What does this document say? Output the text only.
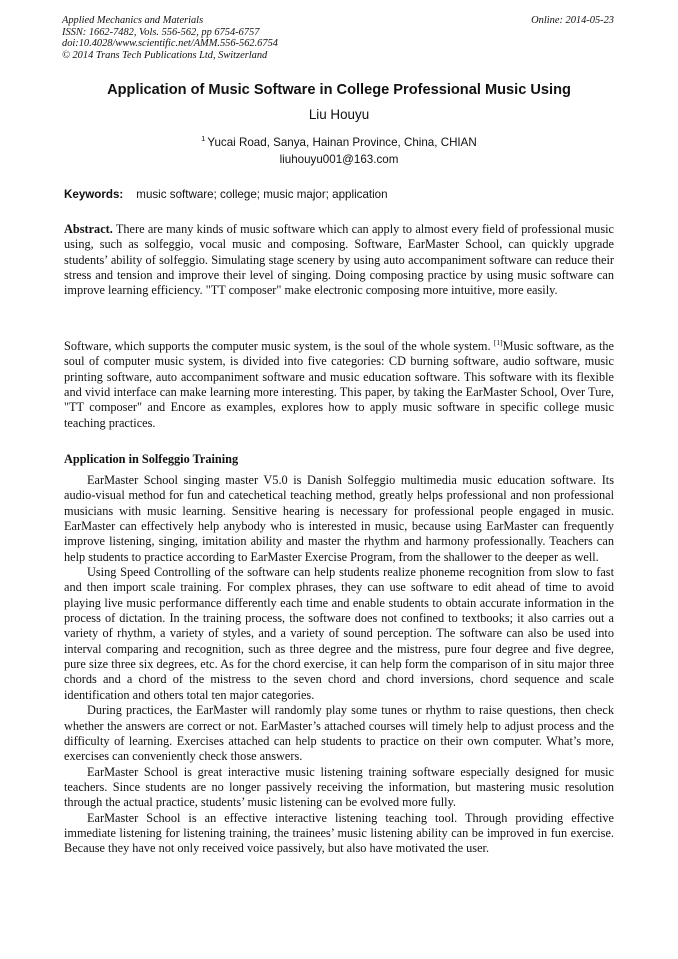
Applied Mechanics and Materials
ISSN: 1662-7482, Vols. 556-562, pp 6754-6757
doi:10.4028/www.scientific.net/AMM.556-562.6754
© 2014 Trans Tech Publications Ltd, Switzerland
Online: 2014-05-23
Application of Music Software in College Professional Music Using
Liu Houyu
$^1$ Yucai Road, Sanya, Hainan Province, China, CHIAN
liuhouyu001@163.com
Keywords: music software; college; music major; application

Abstract. There are many kinds of music software which can apply to almost every field of professional music using, such as solfeggio, vocal music and composing. Software, EarMaster School, can quickly upgrade students’ ability of solfeggio. Simulating stage scenery by using auto accompaniment software can reduce their stress and tension and improve their level of singing. Doing composing practice by using music software can improve learning efficiency. "TT composer" make electronic composing more intuitive, more easily.

Software, which supports the computer music system, is the soul of the whole system. [1]Music software, as the soul of computer music system, is divided into five categories: CD burning software, audio software, music printing software, auto accompaniment software and music education software. This software with its flexible and vivid interface can make learning more interesting. This paper, by taking the EarMaster School, Over Ture, "TT composer" and Encore as examples, explores how to apply music software in specific college music teaching practices.

Application in Solfeggio Training

EarMaster School singing master V5.0 is Danish Solfeggio multimedia music education software. Its audio-visual method for fun and catechetical teaching method, greatly helps professional and non professional musicians with music learning. Sensitive hearing is necessary for professional people engaged in music. EarMaster can effectively help anybody who is interested in music, because using EarMaster can frequently improve listening, singing, imitation ability and master the rhythm and harmony professionally. Teachers can help students to practice according to EarMaster Exercise Program, from the shallower to the deeper as well.

Using Speed Controlling of the software can help students realize phoneme recognition from slow to fast and then import scale training. For complex phrases, they can use software to edit ahead of time to avoid playing live music performance differently each time and enable students to obtain accurate information in the process of dictation. In the training process, the software does not confined to textbooks; it also carries out a variety of rhythm, a variety of styles, and a variety of sound perception. The software can also be used into interval comparing and recognition, such as three degree and the mistress, pure four degree and five degree, pure size three six degrees, etc. As for the chord exercise, it can help form the comparison of in situ major three chords and a chord of the mistress to the seven chord and chord inversions, chord sequence and scale identification and others total ten major categories.

During practices, the EarMaster will randomly play some tunes or rhythm to raise questions, then check whether the answers are correct or not. EarMaster’s attached courses will timely help to adjust process and the difficulty of learning. Exercises attached can help students to practice on their own computer. What’s more, exercises can conveniently check those answers.

EarMaster School is great interactive music listening training software especially designed for music teachers. Since students are no longer passively receiving the information, but mastering music resolution through the actual practice, students’ music listening can be evolved more fully.

EarMaster School is an effective interactive listening teaching tool. Through providing effective immediate listening for listening training, the trainees’ music listening ability can be improved in fun exercise. Because they have not only received voice passively, but also have motivated the user.
